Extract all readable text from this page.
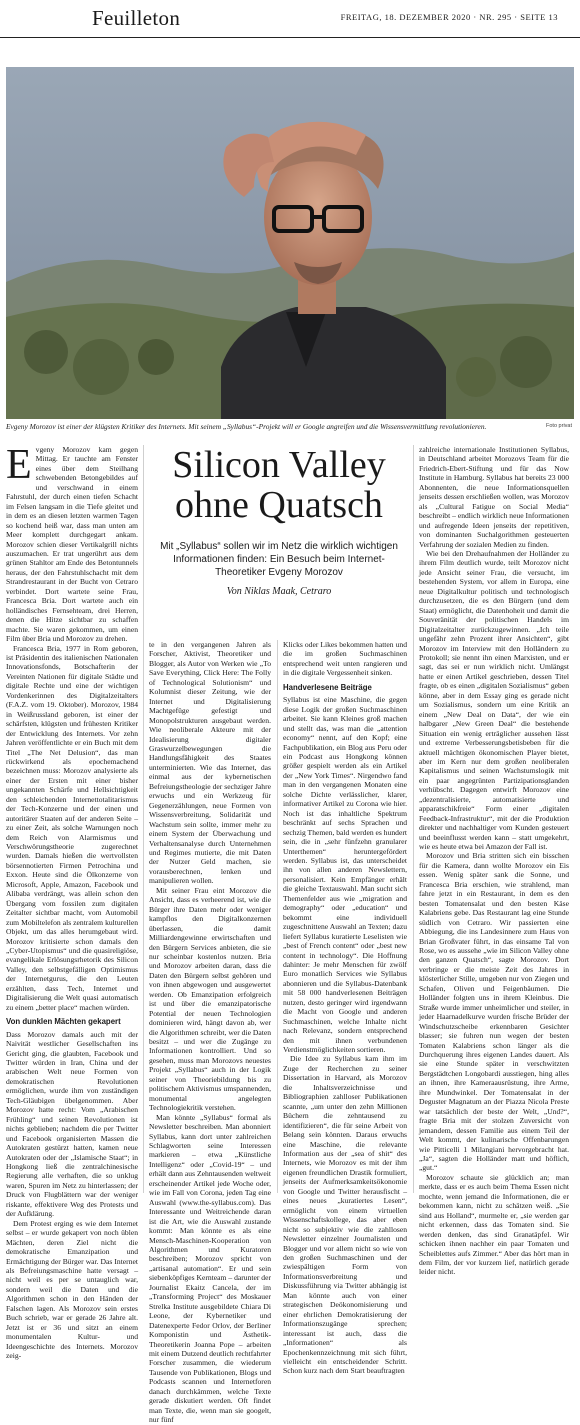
Feuilleton	FREITAG, 18. DEZEMBER 2020 · NR. 295 · SEITE 13
Evgeny Morozov ist einer der klügsten Kritiker des Internets. Mit seinem „Syllabus“-Projekt will er Google angreifen und die Wissensvermittlung revolutionieren.	Foto privat

Evgeny Morozov kam gegen Mittag. Er tauchte am Fenster eines über dem Steilhang schwebenden Betongebildes auf und verschwand in einem Fahrstuhl, der durch einen tiefen Schacht im Felsen langsam in die Tiefe gleitet und in dem es an diesen letzten warmen Tagen so kochend heiß war, dass man unten am Meer komplett durchgegart ankam. Morozov schien dieser Vertikalgrill nichts auszumachen. Er trat ungerührt aus dem grünen Stahltor am Ende des Betontunnels heraus, der den Fahrstuhlschacht mit dem Strandrestaurant in der Bucht von Cetraro verbindet. Dort wartete seine Frau, Francesca Bria. Dort wartete auch ein holländisches Fernsehteam, drei Herren, denen die Hitze sichtbar zu schaffen machte. Sie waren gekommen, um einen Film über Bria und Morozov zu drehen.

Francesca Bria, 1977 in Rom geboren, ist Präsidentin des italienischen Nationalen Innovationsfonds, Botschafterin der Vereinten Nationen für digitale Städte und digitale Rechte und eine der wichtigen Vordenkerinnen des Digitalzeitalters (F.A.Z. vom 19. Oktober). Morozov, 1984 in Weißrussland geboren, ist einer der schärfsten, klügsten und frühesten Kritiker der Entwicklung des Internets. Vor zehn Jahren veröffentlichte er ein Buch mit dem Titel „The Net Delusion“, das man rückwirkend als epochemachend bezeichnen muss: Morozov analysierte als einer der Ersten mit einer bisher ungekannten Schärfe und Hellsichtigkeit den schleichenden Internettotalitarismus der Tech-Konzerne und der einen und autoritärer Staaten auf der anderen Seite – zu einer Zeit, als solche Warnungen noch dem Reich von Alarmismus und Verschwörungstheorie zugerechnet wurden. Damals hießen die wertvollsten börsennotierten Firmen Petrochina und Exxon. Heute sind die Ölkonzerne von Microsoft, Apple, Amazon, Facebook und Alibaba verdrängt, was allein schon den Übergang vom fossilen zum digitalen Zeitalter sichtbar macht, vom Automobil zum Mobiltelefon als zentralem kulturellen Objekt, um das alles herumgebaut wird. Morozov kritisierte schon damals den „Cyber-Utopismus“ und die quasireligiöse, evangelikale Erlösungsrhetorik des Silicon Valley, den selbstgefälligen Optimismus der Internetgurus, die den Leuten erzählten, dass Tech, Internet und Digitalisierung die Welt quasi automatisch zu einem „better place“ machen würden.

Von dunklen Mächten gekapert

Dass Morozov damals auch mit der Naivität westlicher Gesellschaften ins Gericht ging, die glaubten, Facebook und Twitter würden in Iran, China und der arabischen Welt neue Formen von demokratischen Revolutionen ermöglichen, wurde ihm von zuständigen Tech-Gläubigen übelgenommen. Aber Morozov hatte recht: Vom „Arabischen Frühling“ und seinen Revolutionen ist nichts geblieben; nachdem die per Twitter und Facebook organisierten Massen die Autokraten gestürzt hatten, kamen neue Autokraten oder der „Islamische Staat“; in Hongkong ließ die zentralchinesische Regierung alle verhaften, die so unklug waren, Spuren im Netz zu hinterlassen; der Druck von Flugblättern war der weniger riskante, effektivere Weg des Protests und der Aufklärung.

Dem Protest erging es wie dem Internet selbst – er wurde gekapert von noch üblen Mächten, deren Ziel nicht die demokratische Emanzipation und Ermächtigung der Bürger war. Das Internet als Befreiungsmaschine hatte versagt – nicht weil es per se untauglich war, sondern weil die Daten und die Algorithmen schon in den Händen der Falschen lagen. Als Morozov sein erstes Buch schrieb, war er gerade 26 Jahre alt. Jetzt ist er 36 und sitzt an einem monumentalen Kultur- und Ideengeschichte des Internets. Morozov zeig-

Silicon Valley
ohne Quatsch
Mit „Syllabus“ sollen wir im Netz die wirklich wichtigen Informationen finden: Ein Besuch beim Internet-Theoretiker Evgeny Morozov
Von Niklas Maak, Cetraro

te in den vergangenen Jahren als Forscher, Aktivist, Theoretiker und Blogger, als Autor von Werken wie „To Save Everything, Click Here: The Folly of Technological Solutionism“ und Kolumnist dieser Zeitung, wie der Internet und Digitalisierung Machtgefüge gefestigt und Monopolstrukturen ausgebaut werden. Wie neoliberale Akteure mit der Idealisierung digitaler Graswurzelbewegungen die Handlungsfähigkeit des Staates unterminierten. Wie das Internet, das einmal aus der kybernetischen Befreiungstheologie der sechziger Jahre erwuchs und ein Werkzeug für Gegenerzählungen, neue Formen von Wissensverbreitung, Solidarität und Wachstum sein sollte, immer mehr zu einem System der Überwachung und Verhaltensanalyse durch Unternehmen und Regimes mutierte, die mit Daten der Nutzer Geld machen, sie vorausberechnen, lenken und manipulieren wollen.

Mit seiner Frau eint Morozov die Ansicht, dass es verheerend ist, wie die Bürger ihre Daten mehr oder weniger kampflos den Digitalkonzernen überlassen, die damit Milliardengewinne erwirtschaften und den Bürgern Services anbieten, die sie nur scheinbar kostenlos nutzen. Bria und Morozov arbeiten daran, dass die Daten den Bürgern selbst gehören und von ihnen abgewogen und ausgewertet werden. Ob Emanzipation erfolgreich ist und über die emanzipatorische Potential der neuen Technologien dominieren wird, hängt davon ab, wer die Algorithmen schreibt, wer die Daten besitzt – und wer die Zugänge zu Informationen kontrolliert. Und so gesehen, muss man Morozovs neuestes Projekt „Syllabus“ auch in der Logik seiner von Theoriebildung bis zu politischem Aktivismus umspannenden, monumental angelegten Technologiekritik verstehen.

Man könnte „Syllabus“ formal als Newsletter beschreiben. Man abonniert Syllabus, kann dort unter zahlreichen Schlagworten seine Interessen markieren – etwa „Künstliche Intelligenz“ oder „Covid-19“ – und erhält dann aus Zehntausenden weltweit erscheinender Artikel jede Woche oder, wie im Fall von Corona, jeden Tag eine Auswahl (www.the-syllabus.com). Das Interessante und Weitreichende daran ist die Art, wie die Auswahl zustande kommt: Man könnte es als eine Mensch-Maschinen-Kooperation von Algorithmen und Kuratoren beschreiben; Morozov spricht von „artisanal automation“. Er und sein siebenköpfiges Kernteam – darunter der Journalist Ekaitz Cancela, der im „Transforming Project“ des Moskauer Strelka Institute ausgebildete Chiara Di Leone, der Kybernetiker und Datenexperte Fedor Orlov, der Berliner Komponistin und Ästhetik-Theoretikerin Joanna Pope – arbeiten mit einem Dutzend deutlich rechtfahrter Forscher zusammen, die wiederum Tausende von Publikationen, Blogs und Podcasts scannen und Internetforen danach durchkämmen, welche Texte gerade diskutiert werden. Oft findet man Texte, die, wenn man sie googelt, nur fünf

Klicks oder Likes bekommen hatten und die im großen Suchmaschinen entsprechend weit unten rangieren und in die digitale Vergessenheit sinken.

Handverlesene Beiträge

Syllabus ist eine Maschine, die gegen diese Logik der großen Suchmaschinen arbeitet. Sie kann Kleines groß machen und stellt das, was man die „attention economy“ nennt, auf den Kopf; eine Fachpublikation, ein Blog aus Peru oder ein Podcast aus Hongkong können größer gespielt werden als ein Artikel der „New York Times“. Nirgendwo fand man in den vergangenen Monaten eine solche Dichte verlässlicher, klarer, informativer Artikel zu Corona wie hier. Noch ist das inhaltliche Spektrum beschränkt auf sechs Sprachen und sechzig Themen, bald werden es hundert sein, die in „sehr fünfzehn granularer Unterthemen“ heruntergefördert werden. Syllabus ist, das unterscheidet ihn von allen anderen Newslettern, personalisiert. Kein Empfänger erhält die gleiche Textauswahl. Man sucht sich Themenfelder aus wie „migration and demography“ oder „education“ und bekommt eine individuell zugeschnittene Auswahl an Texten; dazu liefert Syllabus kuratierte Leselisten wie „best of French content“ oder „best new content in technology“. Die Hoffnung dahinter: Je mehr Menschen für zwölf Euro monatlich Services wie Syllabus abonnieren und die Syllabus-Datenbank mit 58 000 handverlesenen Beiträgen nutzen, desto geringer wird irgendwann die Macht von Google und anderen Suchmaschinen, welche Inhalte nicht nach Relevanz, sondern entsprechend den mit ihnen verbundenen Verdienstmöglichkeiten sortieren.

Die Idee zu Syllabus kam ihm im Zuge der Recherchen zu seiner Dissertation in Harvard, als Morozov die Inhaltsverzeichnisse und Bibliographien zahlloser Publikationen scannte, „um unter den zehn Millionen Büchern die zehntausend zu identifizieren“, die für seine Arbeit von Belang sein könnten. Daraus erwuchs eine Maschine, die relevante Information aus der „sea of shit“ des Internets, wie Morozov es mit der ihm eigenen freundlichen Drastik formuliert, jenseits der Aufmerksamkeitsökonomie von Google und Twitter herausfischt – eines neues „kuratiertes Lesen“, ermöglicht von einem virtuellen Wissenschaftskollege, das aber eben nicht so subjektiv wie die zahllosen Newsletter einzelner Journalisten und Blogger und vor allem nicht so wie von den großen Suchmaschinen und der zwiespältigen Form von Informationsverbreitung und Diskussführung via Twitter abhängig ist Man könnte auch von einer strategischen Deökonomisierung und einer ehrlichen Demokratisierung der Informationszugänge sprechen; interessant ist auch, dass die „Informationen“ als Epochenkennzeichnung mit sich führt, vielleicht ein entscheidender Schritt. Schon kurz nach dem Start beauftragten

zahlreiche internationale Institutionen Syllabus, in Deutschland arbeitet Morozovs Team für die Friedrich-Ebert-Stiftung und für das Now Institute in Hamburg. Syllabus hat bereits 23 000 Abonnenten, die neue Informationsquellen jenseits dessen erschließen wollen, was Morozov als „Cultural Fatigue on Social Media“ beschreibt – endlich wirklich neue Informationen und aufregende Ideen jenseits der repetitiven, von dominanten Suchalgorithmen gesteuerten Verfahrung der sozialen Medien zu finden.

Wie bei den Drehaufnahmen der Holländer zu ihrem Film deutlich wurde, teilt Morozov nicht jede Ansicht seiner Frau, die versucht, im bestehenden System, vor allem in Europa, eine neue Digitalkultur politisch und technologisch durchzusetzen, die es den Bürgern (und dem Staat) ermöglicht, die Datenhoheit und damit die Souveränität der politischen Handels im Digitalzeitalter zurückzugewinnen. „Ich teile ungefähr zehn Prozent ihrer Ansichten“, gibt Morozov im Interview mit den Holländern zu Protokoll; sie nennt ihn einen Marxisten, und er sagt, das sei er nun wirklich nicht. Umlängst hatte er einen Artikel geschrieben, dessen Titel fragte, ob es einen „digitalen Sozialismus“ geben könne, aber in dem Essay ging es gerade nicht um Sozialismus, sondern um eine Kritik an einem „New Deal on Data“, der wie ein halbgarer „New Green Deal“ die bestehende Situation ein wenig erträglicher aussehen lässt und extreme Verbesserungsbetisbeben für die aktuell mächtigen ökonomischen Player bietet, aber im Kern nur dem großen neoliberalen Kapitalismus und seinen Wachstumslogik mit ein paar angegrünten Partizipationsglanden verhübscht. Dagegen entwirft Morozov eine „dezentralisierte, automatisierte und apparatschikfreie“ Form einer „digitalen Feedback-Infrastruktur“, mit der die Produktion direkter und nachhaltiger vom Kunden gesteuert und beeinflusst werden kann – statt umgekehrt, wie es heute etwa bei Amazon der Fall ist.

Morozov und Bria stritten sich ein bisschen für die Kamera, dann wollte Morozov ein Eis essen. Wenig später sank die Sonne, und Francesca Bria erschien, wie strahlend, man fahre jetzt in ein Restaurant, in dem es den besten Tomatensalat und den besten Käse Kalabriens gebe. Das Restaurant lag eine Stunde südlich von Cetraro. Wir passierten eine Abbiegung, die ins Landesinnere zum Haus von Brian Großvater führt, in das einsame Tal von Rose, wo es aussehe „wie im Silicon Valley ohne den ganzen Quatsch“, sagte Morozov. Dort verbringe er die meiste Zeit des Jahres in klösterlicher Stille, umgeben nur von Ziegen und Schafen, Oliven und Feigenbäumen. Die Holländer folgten uns in ihrem Kleinbus. Die Straße wurde immer unheimlicher und steiler, in jeder Haarnadelkurve wurden frische Brüder der Windschutzscheibe erkennbaren Gesichter blasser; sie fuhren nun wegen der besten Tomaten Kalabriens schon länger als die Durchquerung ihres eigenen Landes dauert. Als sie eine Stunde später in verschwitzten Bergstädtchen Longobardi ausstiegen, hing alles an ihnen, ihre Kameraausrüstung, ihre Arme, ihre Mundwinkel. Der Tomatensalat in der Deguster Magnatum an der Piazza Nicola Preste war tatsächlich der beste der Welt, „Und?“, fragte Bria mit der stolzen Zuversicht von jemandem, dessen Familie aus einem Teil der Welt kommt, der kulinarische Offenbarungen wie Pitticelli 1 Milangiani hervorgebracht hat. „Ja“, sagten die Holländer matt und höflich, „gut.“

Morozov schaute sie glücklich an; man merkte, dass er es auch beim Thema Essen nicht mochte, wenn jemand die Informationen, die er bekommen kann, nicht zu schätzen weiß. „Sie sind aus Holland“, murmelte er, „sie werden gar nicht erkennen, dass das Tomaten sind. Sie werden denken, das sind Granatäpfel. Wir schicken ihnen nachher ein paar Tomaten und Scheiblettes aufs Zimmer.“ Aber das hört man in dem Film, der vor kurzem lief, natürlich gerade leider nicht.
